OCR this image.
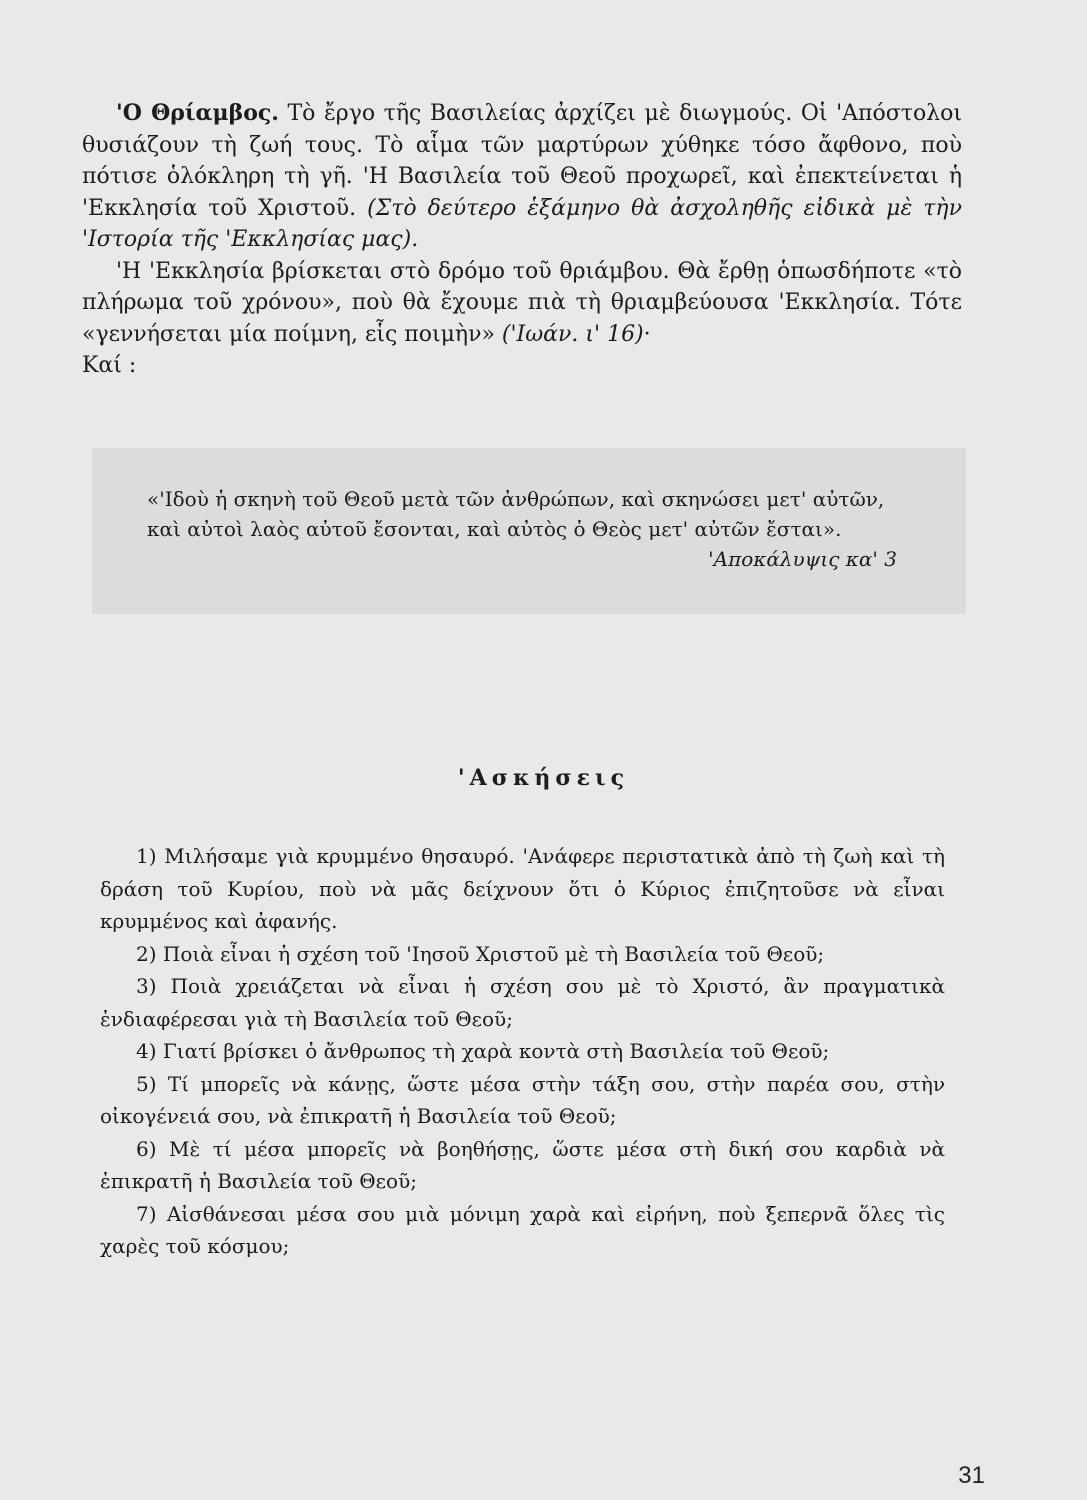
'Ο Θρίαμβος. Τὸ ἔργο τῆς Βασιλείας ἀρχίζει μὲ διωγμούς. Οἱ 'Απόστολοι θυσιάζουν τὴ ζωή τους. Τὸ αἷμα τῶν μαρτύρων χύθηκε τόσο ἄφθονο, ποὺ πότισε ὁλόκληρη τὴ γῆ. 'Η Βασιλεία τοῦ Θεοῦ προχωρεῖ, καὶ ἐπεκτείνεται ἡ 'Εκκλησία τοῦ Χριστοῦ. (Στὸ δεύτερο ἑξάμηνο θὰ ἀσχοληθῆς εἰδικὰ μὲ τὴν 'Ιστορία τῆς 'Εκκλησίας μας).

'Η 'Εκκλησία βρίσκεται στὸ δρόμο τοῦ θριάμβου. Θὰ ἔρθῃ ὁπωσδήποτε «τὸ πλήρωμα τοῦ χρόνου», ποὺ θὰ ἔχουμε πιὰ τὴ θριαμβεύουσα 'Εκκλησία. Τότε «γεννήσεται μία ποίμνη, εἷς ποιμὴν» ('Ιωάν. ι' 16)·

Καί :

«'Ιδοὺ ἡ σκηνὴ τοῦ Θεοῦ μετὰ τῶν ἀνθρώπων, καὶ σκηνώσει μετ' αὐτῶν,

καὶ αὐτοὶ λαὸς αὐτοῦ ἔσονται, καὶ αὐτὸς ὁ Θεὸς μετ' αὐτῶν ἔσται».

'Αποκάλυψις κα' 3

'Ασκήσεις

1) Μιλήσαμε γιὰ κρυμμένο θησαυρό. 'Ανάφερε περιστατικὰ ἀπὸ τὴ ζωὴ καὶ τὴ δράση τοῦ Κυρίου, ποὺ νὰ μᾶς δείχνουν ὅτι ὁ Κύριος ἐπιζητοῦσε νὰ εἶναι κρυμμένος καὶ ἀφανής.

2) Ποιὰ εἶναι ἡ σχέση τοῦ 'Ιησοῦ Χριστοῦ μὲ τὴ Βασιλεία τοῦ Θεοῦ;

3) Ποιὰ χρειάζεται νὰ εἶναι ἡ σχέση σου μὲ τὸ Χριστό, ἂν πραγματικὰ ἐνδιαφέρεσαι γιὰ τὴ Βασιλεία τοῦ Θεοῦ;

4) Γιατί βρίσκει ὁ ἄνθρωπος τὴ χαρὰ κοντὰ στὴ Βασιλεία τοῦ Θεοῦ;

5) Τί μπορεῖς νὰ κάνῃς, ὥστε μέσα στὴν τάξη σου, στὴν παρέα σου, στὴν οἰκογένειά σου, νὰ ἐπικρατῆ ἡ Βασιλεία τοῦ Θεοῦ;

6) Μὲ τί μέσα μπορεῖς νὰ βοηθήσῃς, ὥστε μέσα στὴ δική σου καρδιὰ νὰ ἐπικρατῆ ἡ Βασιλεία τοῦ Θεοῦ;

7) Αἰσθάνεσαι μέσα σου μιὰ μόνιμη χαρὰ καὶ εἰρήνη, ποὺ ξεπερνᾶ ὅλες τὶς χαρὲς τοῦ κόσμου;

31
